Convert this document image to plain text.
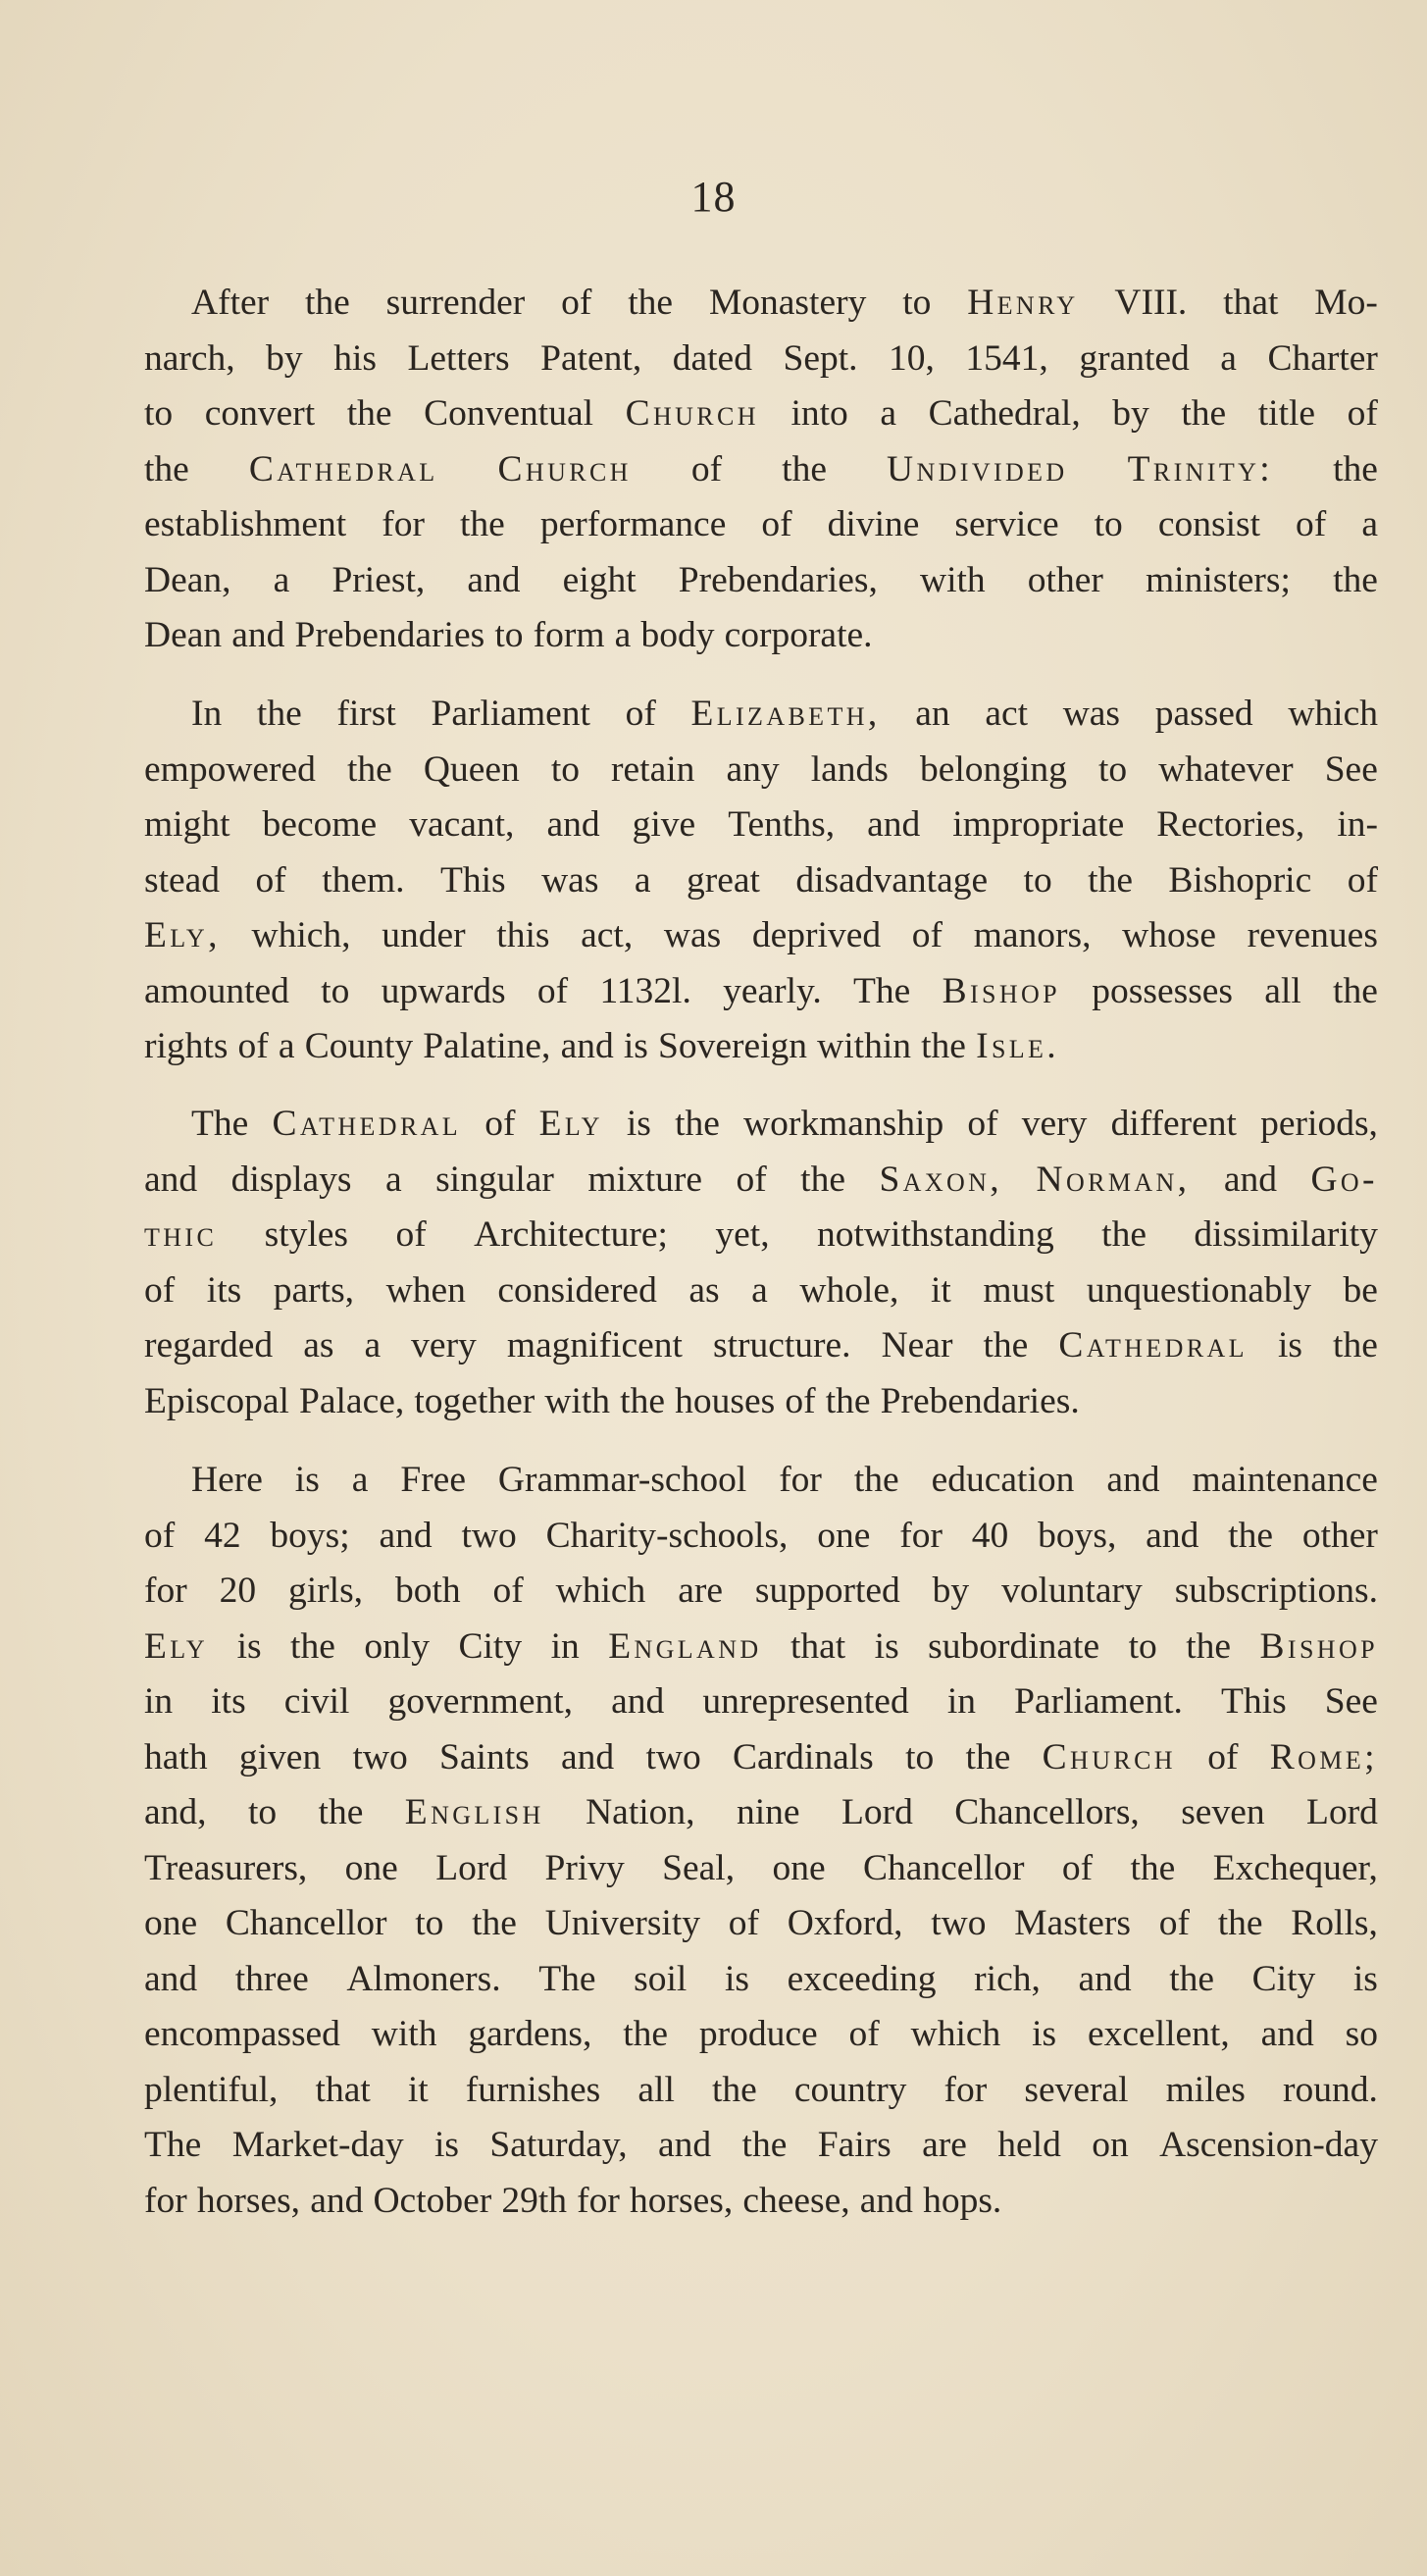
18
After the surrender of the Monastery to Henry VIII. that Mo-
narch, by his Letters Patent, dated Sept. 10, 1541, granted a Charter
to convert the Conventual Church into a Cathedral, by the title of
the Cathedral Church of the Undivided Trinity: the
establishment for the performance of divine service to consist of a
Dean, a Priest, and eight Prebendaries, with other ministers; the
Dean and Prebendaries to form a body corporate.
In the first Parliament of Elizabeth, an act was passed which
empowered the Queen to retain any lands belonging to whatever See
might become vacant, and give Tenths, and impropriate Rectories, in-
stead of them. This was a great disadvantage to the Bishopric of
Ely, which, under this act, was deprived of manors, whose revenues
amounted to upwards of 1132l. yearly. The Bishop possesses all the
rights of a County Palatine, and is Sovereign within the Isle.
The Cathedral of Ely is the workmanship of very different periods,
and displays a singular mixture of the Saxon, Norman, and Go-
thic styles of Architecture; yet, notwithstanding the dissimilarity
of its parts, when considered as a whole, it must unquestionably be
regarded as a very magnificent structure. Near the Cathedral is the
Episcopal Palace, together with the houses of the Prebendaries.
Here is a Free Grammar-school for the education and maintenance
of 42 boys; and two Charity-schools, one for 40 boys, and the other
for 20 girls, both of which are supported by voluntary subscriptions.
Ely is the only City in England that is subordinate to the Bishop
in its civil government, and unrepresented in Parliament. This See
hath given two Saints and two Cardinals to the Church of Rome;
and, to the English Nation, nine Lord Chancellors, seven Lord
Treasurers, one Lord Privy Seal, one Chancellor of the Exchequer,
one Chancellor to the University of Oxford, two Masters of the Rolls,
and three Almoners. The soil is exceeding rich, and the City is
encompassed with gardens, the produce of which is excellent, and so
plentiful, that it furnishes all the country for several miles round.
The Market-day is Saturday, and the Fairs are held on Ascension-day
for horses, and October 29th for horses, cheese, and hops.
